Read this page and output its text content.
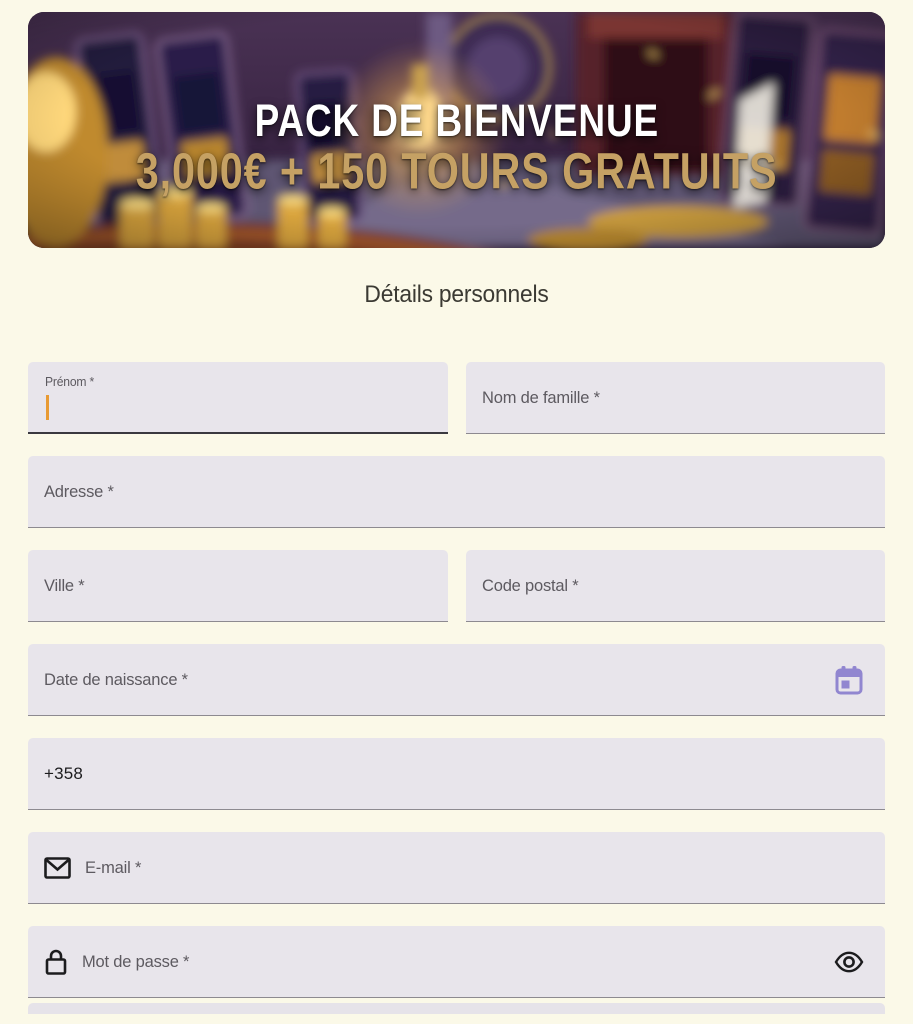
PACK DE BIENVENUE
3,000€ + 150 TOURS GRATUITS
Détails personnels
Prénom *
Nom de famille *
Adresse *
Ville *	Code postal *
Date de naissance *
+358
E-mail *
Mot de passe *
